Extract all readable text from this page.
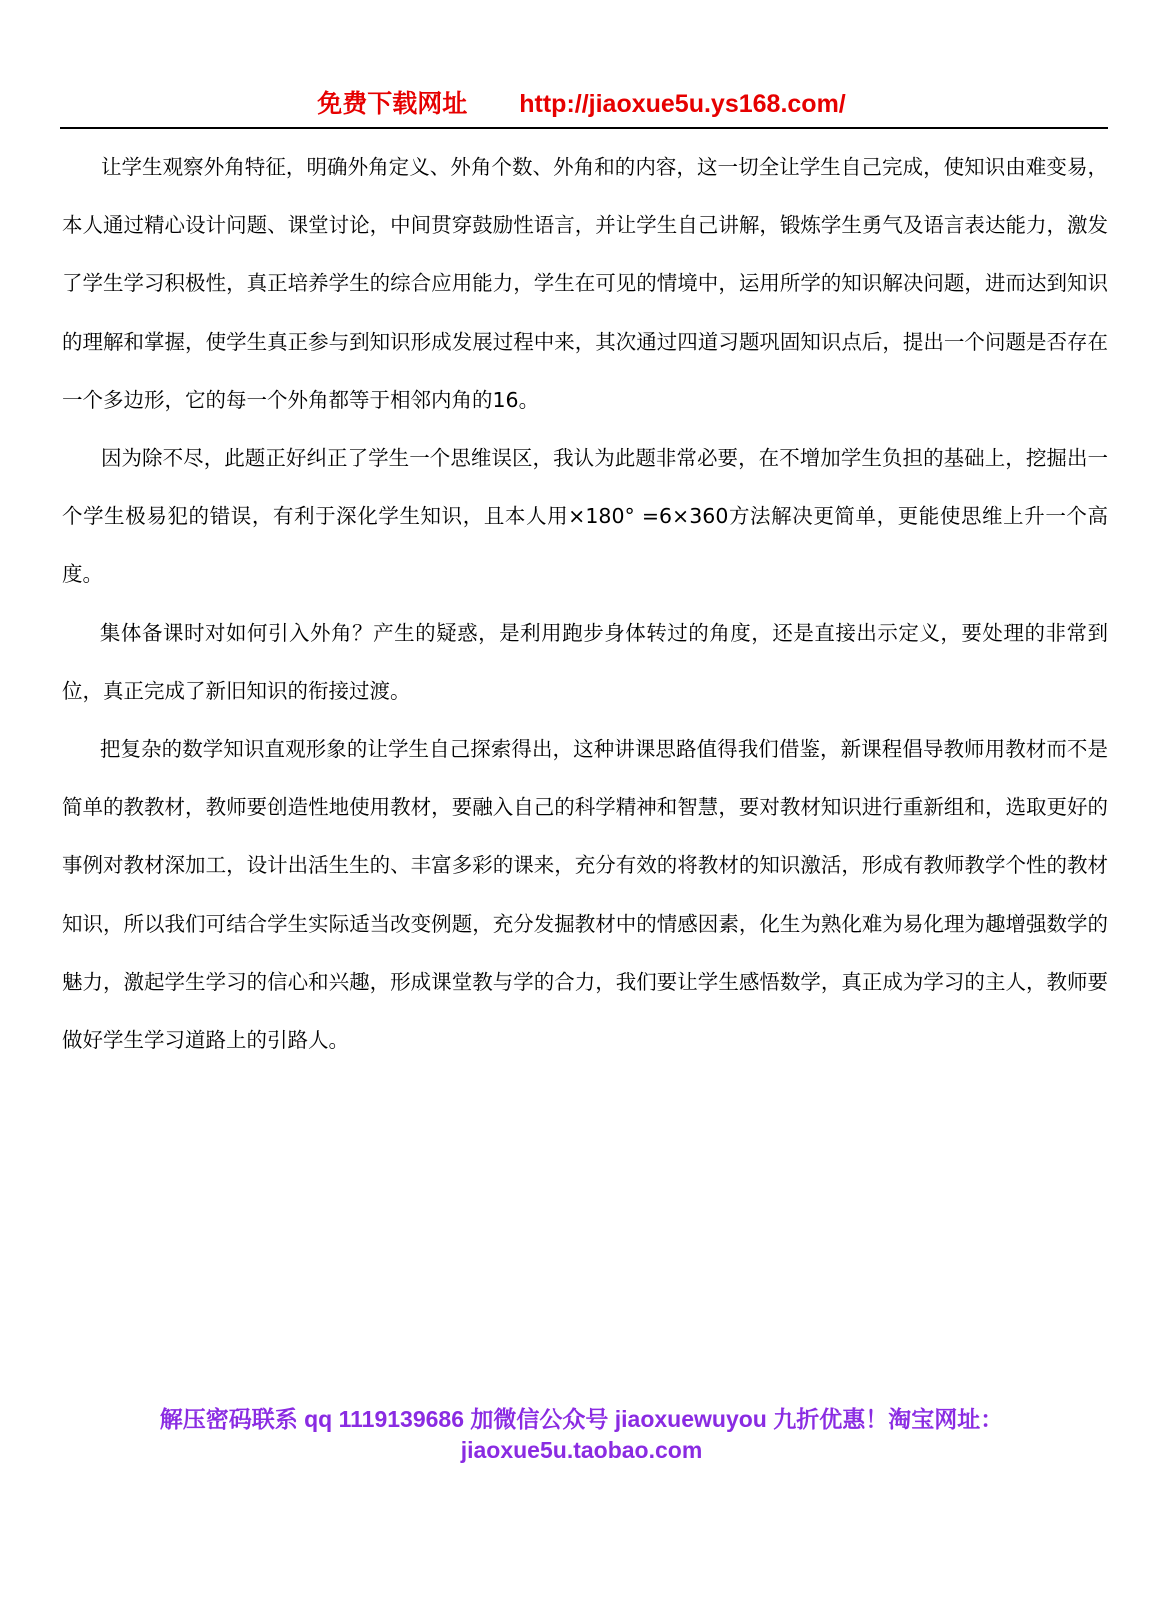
免费下载网址 http://jiaoxue5u.ys168.com/

让学生观察外角特征，明确外角定义、外角个数、外角和的内容，这一切全让学生自己完成，使知识由难变易，本人通过精心设计问题、课堂讨论，中间贯穿鼓励性语言，并让学生自己讲解，锻炼学生勇气及语言表达能力，激发了学生学习积极性，真正培养学生的综合应用能力，学生在可见的情境中，运用所学的知识解决问题，进而达到知识的理解和掌握，使学生真正参与到知识形成发展过程中来，其次通过四道习题巩固知识点后，提出一个问题是否存在一个多边形，它的每一个外角都等于相邻内角的16。

因为除不尽，此题正好纠正了学生一个思维误区，我认为此题非常必要，在不增加学生负担的基础上，挖掘出一个学生极易犯的错误，有利于深化学生知识，且本人用×180° =6×360方法解决更简单，更能使思维上升一个高度。

集体备课时对如何引入外角？产生的疑惑，是利用跑步身体转过的角度，还是直接出示定义，要处理的非常到位，真正完成了新旧知识的衔接过渡。

把复杂的数学知识直观形象的让学生自己探索得出，这种讲课思路值得我们借鉴，新课程倡导教师用教材而不是简单的教教材，教师要创造性地使用教材，要融入自己的科学精神和智慧，要对教材知识进行重新组和，选取更好的事例对教材深加工，设计出活生生的、丰富多彩的课来，充分有效的将教材的知识激活，形成有教师教学个性的教材知识，所以我们可结合学生实际适当改变例题，充分发掘教材中的情感因素，化生为熟化难为易化理为趣增强数学的魅力，激起学生学习的信心和兴趣，形成课堂教与学的合力，我们要让学生感悟数学，真正成为学习的主人，教师要做好学生学习道路上的引路人。

解压密码联系 qq 1119139686 加微信公众号 jiaoxuewuyou 九折优惠！淘宝网址：
jiaoxue5u.taobao.com
